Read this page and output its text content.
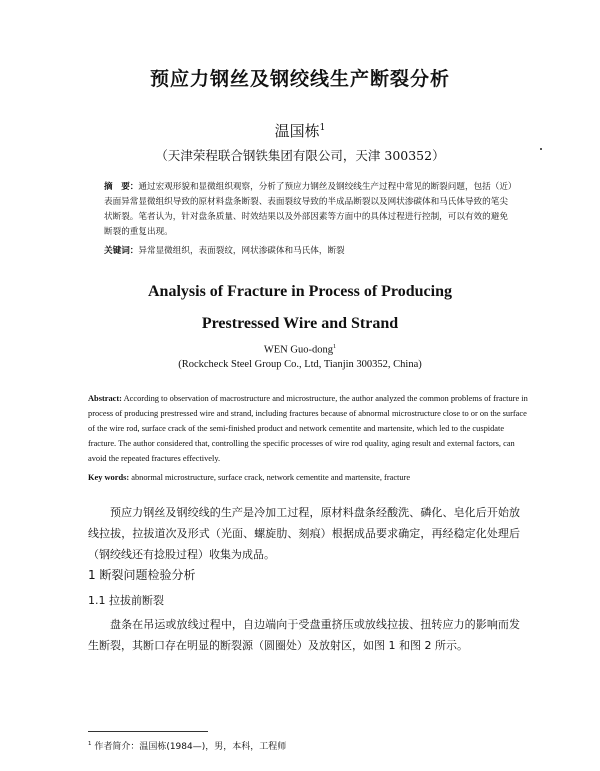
预应力钢丝及钢绞线生产断裂分析
温国栋$^1$
（天津荣程联合钢铁集团有限公司，天津 300352）
摘　要：通过宏观形貌和显微组织观察，分析了预应力钢丝及钢绞线生产过程中常见的断裂问题，包括（近）表面异常显微组织导致的原材料盘条断裂、表面裂纹导致的半成品断裂以及网状渗碳体和马氏体导致的笔尖状断裂。笔者认为，针对盘条质量、时效结果以及外部因素等方面中的具体过程进行控制，可以有效的避免断裂的重复出现。
关键词：异常显微组织，表面裂纹，网状渗碳体和马氏体，断裂
Analysis of Fracture in Process of Producing
Prestressed Wire and Strand
WEN Guo-dong$^1$
(Rockcheck Steel Group Co., Ltd, Tianjin 300352, China)
Abstract: According to observation of macrostructure and microstructure, the author analyzed the common problems of fracture in process of producing prestressed wire and strand, including fractures because of abnormal microstructure close to or on the surface of the wire rod, surface crack of the semi-finished product and network cementite and martensite, which led to the cuspidate fracture. The author considered that, controlling the specific processes of wire rod quality, aging result and external factors, can avoid the repeated fractures effectively.
Key words: abnormal microstructure, surface crack, network cementite and martensite, fracture
预应力钢丝及钢绞线的生产是冷加工过程，原材料盘条经酸洗、磷化、皂化后开始放线拉拔，拉拔道次及形式（光面、螺旋肋、刻痕）根据成品要求确定，再经稳定化处理后（钢绞线还有捻股过程）收集为成品。
1 断裂问题检验分析
1.1 拉拔前断裂
盘条在吊运或放线过程中，自边端向于受盘重挤压或放线拉拔、扭转应力的影响而发生断裂，其断口存在明显的断裂源（圆圈处）及放射区，如图 1 和图 2 所示。
$^1$ 作者简介：温国栋(1984—)，男，本科，工程师
